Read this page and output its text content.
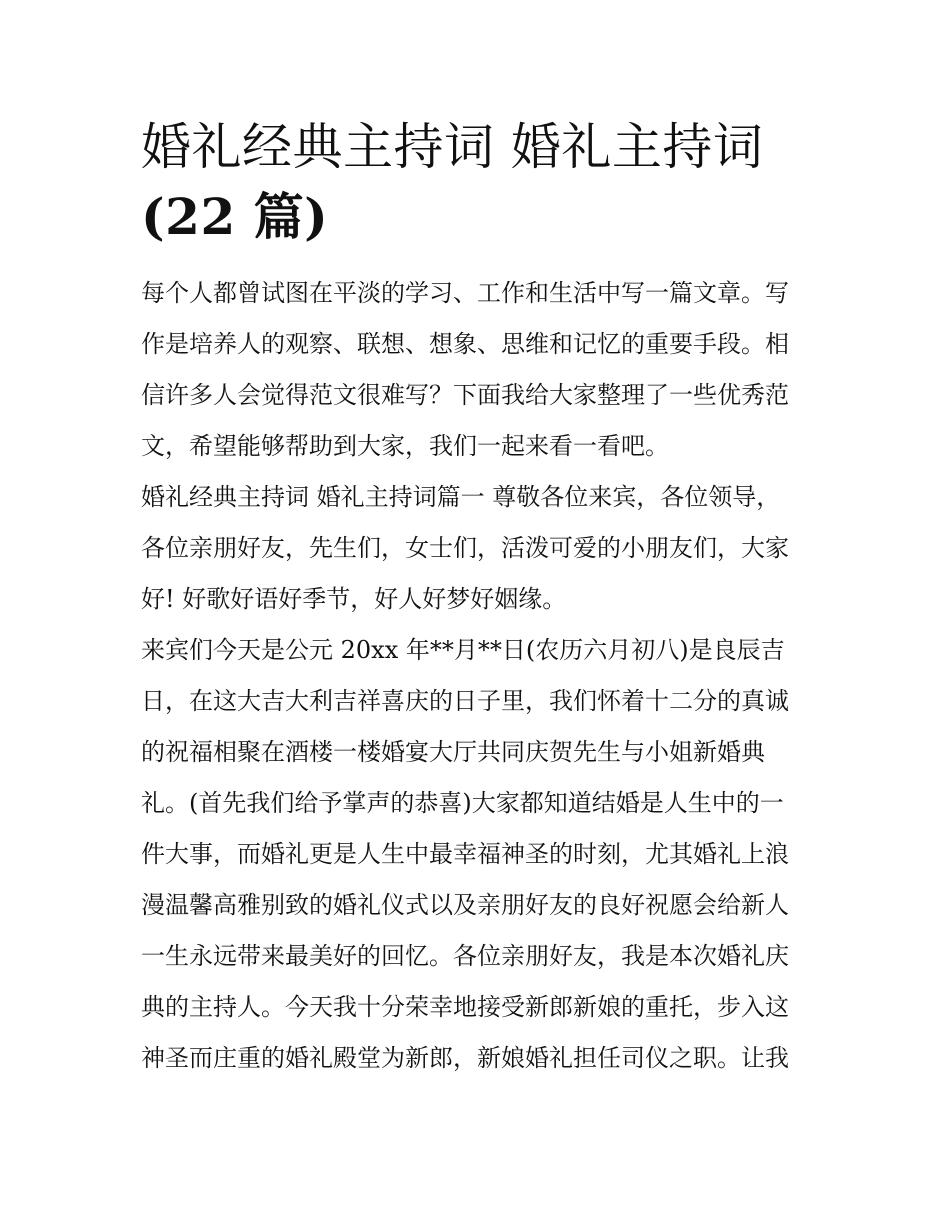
婚礼经典主持词 婚礼主持词
(22 篇)

每个人都曾试图在平淡的学习、工作和生活中写一篇文章。写
作是培养人的观察、联想、想象、思维和记忆的重要手段。相
信许多人会觉得范文很难写？下面我给大家整理了一些优秀范
文，希望能够帮助到大家，我们一起来看一看吧。

婚礼经典主持词 婚礼主持词篇一 尊敬各位来宾，各位领导，
各位亲朋好友，先生们，女士们，活泼可爱的小朋友们，大家
好! 好歌好语好季节，好人好梦好姻缘。

来宾们今天是公元 20xx 年**月**日(农历六月初八)是良辰吉
日，在这大吉大利吉祥喜庆的日子里，我们怀着十二分的真诚
的祝福相聚在酒楼一楼婚宴大厅共同庆贺先生与小姐新婚典
礼。(首先我们给予掌声的恭喜)大家都知道结婚是人生中的一
件大事，而婚礼更是人生中最幸福神圣的时刻，尤其婚礼上浪
漫温馨高雅别致的婚礼仪式以及亲朋好友的良好祝愿会给新人
一生永远带来最美好的回忆。各位亲朋好友，我是本次婚礼庆
典的主持人。今天我十分荣幸地接受新郎新娘的重托，步入这
神圣而庄重的婚礼殿堂为新郎，新娘婚礼担任司仪之职。让我
